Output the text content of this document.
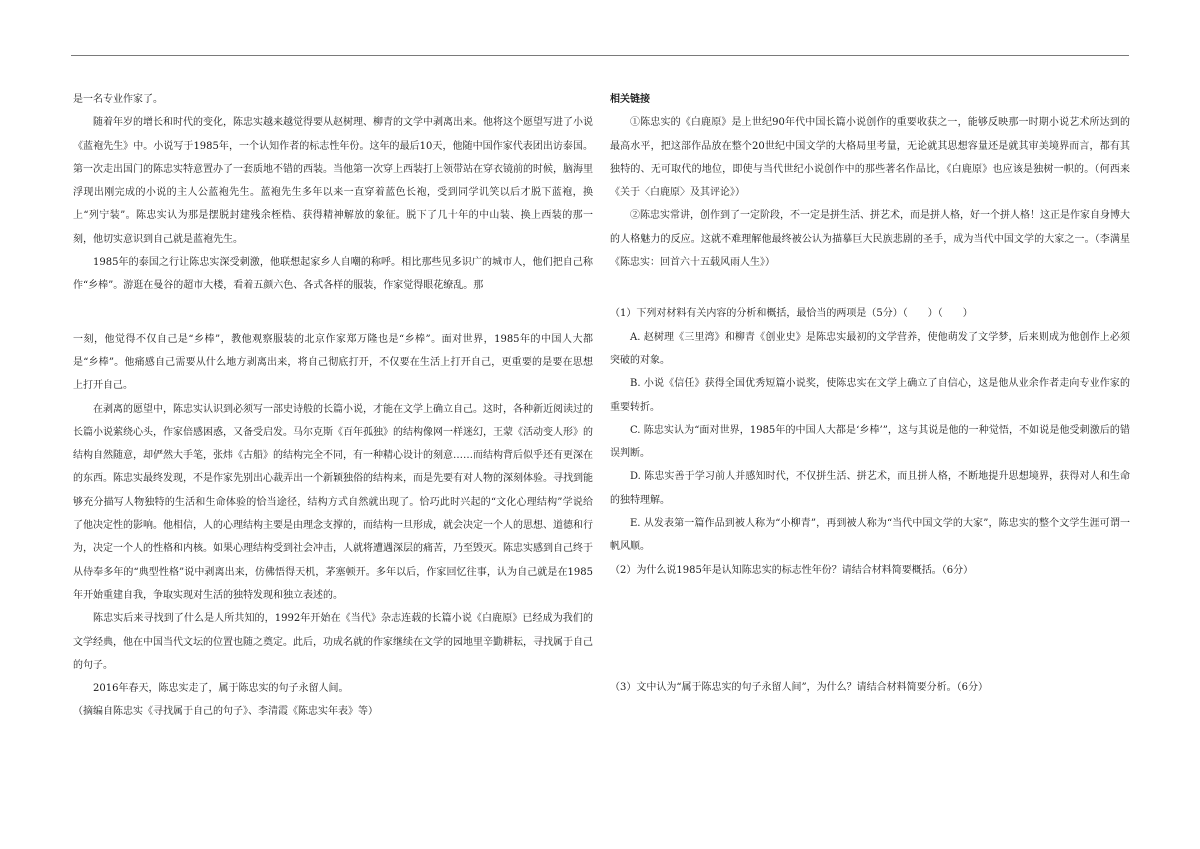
是一名专业作家了。

随着年岁的增长和时代的变化，陈忠实越来越觉得要从赵树理、柳青的文学中剥离出来。他将这个愿望写进了小说《蓝袍先生》中。小说写于1985年，一个认知作者的标志性年份。这年的最后10天，他随中国作家代表团出访泰国。第一次走出国门的陈忠实特意置办了一套质地不错的西装。当他第一次穿上西装打上领带站在穿衣镜前的时候，脑海里浮现出刚完成的小说的主人公蓝袍先生。蓝袍先生多年以来一直穿着蓝色长袍，受到同学讥笑以后才脱下蓝袍，换上“列宁装”。陈忠实认为那是摆脱封建残余桎梏、获得精神解放的象征。脱下了几十年的中山装、换上西装的那一刻，他切实意识到自己就是蓝袍先生。

1985年的泰国之行让陈忠实深受刺激，他联想起家乡人自嘲的称呼。相比那些见多识广的城市人，他们把自己称作“乡棒”。游逛在曼谷的超市大楼，看着五颜六色、各式各样的服装，作家觉得眼花缭乱。那

一刻，他觉得不仅自己是“乡棒”，教他观察服装的北京作家郑万隆也是“乡棒”。面对世界，1985年的中国人大都是“乡棒”。他痛感自己需要从什么地方剥离出来，将自己彻底打开，不仅要在生活上打开自己，更重要的是要在思想上打开自己。

在剥离的愿望中，陈忠实认识到必须写一部史诗般的长篇小说，才能在文学上确立自己。这时，各种新近阅读过的长篇小说萦绕心头，作家倍感困惑，又备受启发。马尔克斯《百年孤独》的结构像网一样迷幻，王蒙《活动变人形》的结构自然随意，却俨然大手笔，张炜《古船》的结构完全不同，有一种精心设计的刻意……而结构背后似乎还有更深在的东西。陈忠实最终发现，不是作家先别出心裁弄出一个新颖独俗的结构来，而是先要有对人物的深刻体验。寻找到能够充分描写人物独特的生活和生命体验的恰当途径，结构方式自然就出现了。恰巧此时兴起的“文化心理结构”学说给了他决定性的影响。他相信，人的心理结构主要是由理念支撑的，而结构一旦形成，就会决定一个人的思想、道德和行为，决定一个人的性格和内核。如果心理结构受到社会冲击，人就将遭遇深层的痛苦，乃至毁灭。陈忠实感到自己终于从侍奉多年的“典型性格”说中剥离出来，仿佛悟得天机，茅塞顿开。多年以后，作家回忆往事，认为自己就是在1985年开始重建自我，争取实现对生活的独特发现和独立表述的。

陈忠实后来寻找到了什么是人所共知的，1992年开始在《当代》杂志连载的长篇小说《白鹿原》已经成为我们的文学经典，他在中国当代文坛的位置也随之奠定。此后，功成名就的作家继续在文学的园地里辛勤耕耘，寻找属于自己的句子。

2016年春天，陈忠实走了，属于陈忠实的句子永留人间。

（摘编自陈忠实《寻找属于自己的句子》、李清霞《陈忠实年表》等）

相关链接

①陈忠实的《白鹿原》是上世纪90年代中国长篇小说创作的重要收获之一，能够反映那一时期小说艺术所达到的最高水平，把这部作品放在整个20世纪中国文学的大格局里考量，无论就其思想容量还是就其审美境界而言，都有其独特的、无可取代的地位，即使与当代世纪小说创作中的那些著名作品比，《白鹿原》也应该是独树一帜的。（何西来《关于〈白鹿原〉及其评论》）

②陈忠实常讲，创作到了一定阶段，不一定是拼生活、拼艺术，而是拼人格，好一个拼人格！这正是作家自身博大的人格魅力的反应。这就不难理解他最终被公认为描摹巨大民族悲剧的圣手，成为当代中国文学的大家之一。（李满星《陈忠实：回首六十五载风雨人生》）

（1）下列对材料有关内容的分析和概括，最恰当的两项是（5分）（　　）（　　）

A. 赵树理《三里湾》和柳青《创业史》是陈忠实最初的文学营养，使他萌发了文学梦，后来则成为他创作上必须突破的对象。

B. 小说《信任》获得全国优秀短篇小说奖，使陈忠实在文学上确立了自信心，这是他从业余作者走向专业作家的重要转折。

C. 陈忠实认为“面对世界，1985年的中国人大都是‘乡棒’”，这与其说是他的一种觉悟，不如说是他受刺激后的错误判断。

D. 陈忠实善于学习前人并感知时代，不仅拼生活、拼艺术，而且拼人格，不断地提升思想境界，获得对人和生命的独特理解。

E. 从发表第一篇作品到被人称为“小柳青”，再到被人称为“当代中国文学的大家”，陈忠实的整个文学生涯可谓一帆风顺。

（2）为什么说1985年是认知陈忠实的标志性年份？请结合材料简要概括。（6分）

（3）文中认为“属于陈忠实的句子永留人间”，为什么？请结合材料简要分析。（6分）
